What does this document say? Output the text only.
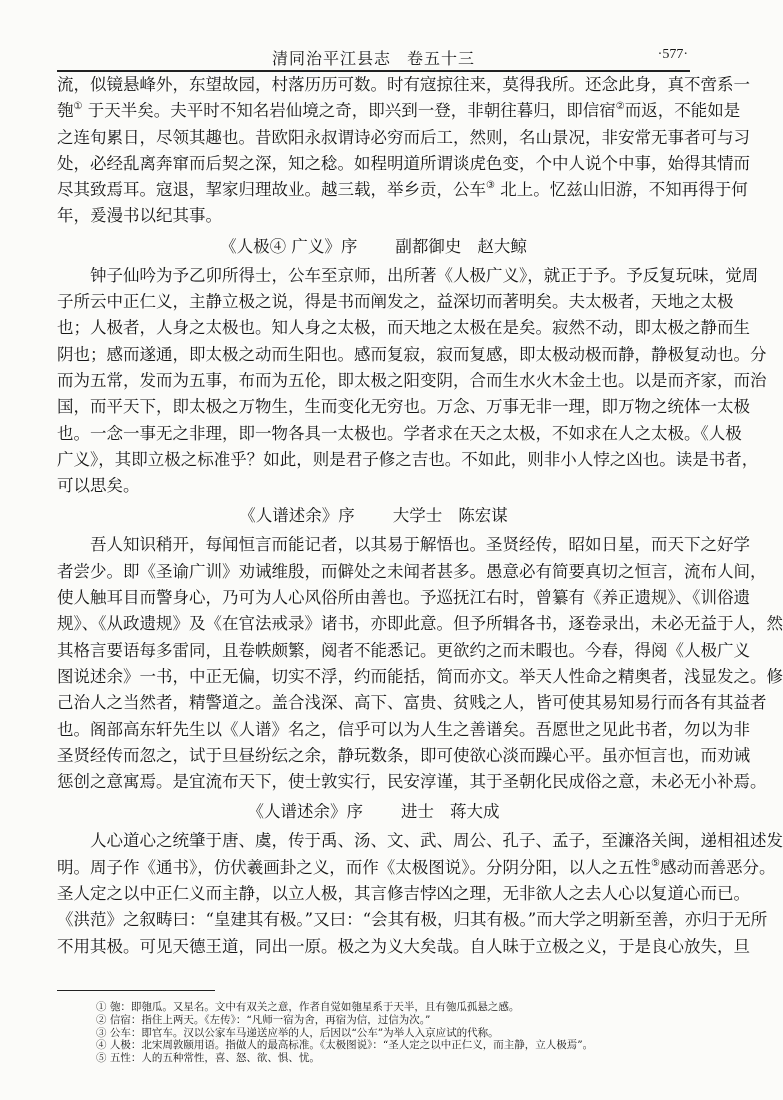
清同治平江县志 卷五十三	·577·
流，似镜悬峰外，东望故园，村落历历可数。时有寇掠往来，莫得我所。还念此身，真不啻系一
匏① 于天半矣。夫平时不知名岩仙境之奇，即兴到一登，非朝往暮归，即信宿②而返，不能如是
之连旬累日，尽领其趣也。昔欧阳永叔谓诗必穷而后工，然则，名山景况，非安常无事者可与习
处，必经乱离奔窜而后契之深，知之稔。如程明道所谓谈虎色变，个中人说个中事，始得其情而
尽其致焉耳。寇退，挈家归理故业。越三载，举乡贡，公车③ 北上。忆兹山旧游，不知再得于何
年，爰漫书以纪其事。
《人极④ 广义》序 副都御史 赵大鲸
钟子仙吟为予乙卯所得士，公车至京师，出所著《人极广义》，就正于予。予反复玩味，觉周
子所云中正仁义，主静立极之说，得是书而阐发之，益深切而著明矣。夫太极者，天地之太极
也；人极者，人身之太极也。知人身之太极，而天地之太极在是矣。寂然不动，即太极之静而生
阴也；感而遂通，即太极之动而生阳也。感而复寂，寂而复感，即太极动极而静，静极复动也。分
而为五常，发而为五事，布而为五伦，即太极之阳变阴，合而生水火木金土也。以是而齐家，而治
国，而平天下，即太极之万物生，生而变化无穷也。万念、万事无非一理，即万物之统体一太极
也。一念一事无之非理，即一物各具一太极也。学者求在天之太极，不如求在人之太极。《人极
广义》，其即立极之标准乎？如此，则是君子修之吉也。不如此，则非小人悖之凶也。读是书者，
可以思矣。
《人谱述余》序 大学士 陈宏谋
吾人知识稍开，每闻恒言而能记者，以其易于解悟也。圣贤经传，昭如日星，而天下之好学
者尝少。即《圣谕广训》劝诫维殷，而僻处之未闻者甚多。愚意必有简要真切之恒言，流布人间，
使人触耳目而警身心，乃可为人心风俗所由善也。予巡抚江右时，曾纂有《养正遗规》、《训俗遗
规》、《从政遗规》及《在官法戒录》诸书，亦即此意。但予所辑各书，逐卷录出，未必无益于人，然
其格言要语每多雷同，且卷帙颇繁，阅者不能悉记。更欲约之而未暇也。今春，得阅《人极广义
图说述余》一书，中正无偏，切实不浮，约而能括，简而亦文。举天人性命之精奥者，浅显发之。修
己治人之当然者，精警道之。盖合浅深、高下、富贵、贫贱之人，皆可使其易知易行而各有其益者
也。阁部高东轩先生以《人谱》名之，信乎可以为人生之善谱矣。吾愿世之见此书者，勿以为非
圣贤经传而忽之，试于旦昼纷纭之余，静玩数条，即可使欲心淡而躁心平。虽亦恒言也，而劝诫
惩创之意寓焉。是宜流布天下，使士敦实行，民安淳谨，其于圣朝化民成俗之意，未必无小补焉。
《人谱述余》序 进士 蒋大成
人心道心之统肇于唐、虞，传于禹、汤、文、武、周公、孔子、孟子，至濂洛关闽，递相祖述发
明。周子作《通书》，仿伏羲画卦之义，而作《太极图说》。分阴分阳，以人之五性⑤感动而善恶分。
圣人定之以中正仁义而主静，以立人极，其言修吉悖凶之理，无非欲人之去人心以复道心而已。
《洪范》之叙畴曰：“皇建其有极。”又曰：“会其有极，归其有极。”而大学之明新至善，亦归于无所
不用其极。可见天德王道，同出一原。极之为义大矣哉。自人昧于立极之义，于是良心放失，旦
① 匏：即匏瓜。又星名。文中有双关之意，作者自觉如匏星系于天半，且有匏瓜孤悬之感。
② 信宿：指住上两天。《左传》：“凡师一宿为舍，再宿为信，过信为次。”
③ 公车：即官车。汉以公家车马递送应举的人，后因以“公车”为举人入京应试的代称。
④ 人极：北宋周敦颐用语。指做人的最高标准。《太极图说》：“圣人定之以中正仁义，而主静，立人极焉”。
⑤ 五性：人的五种常性，喜、怒、欲、惧、忧。
